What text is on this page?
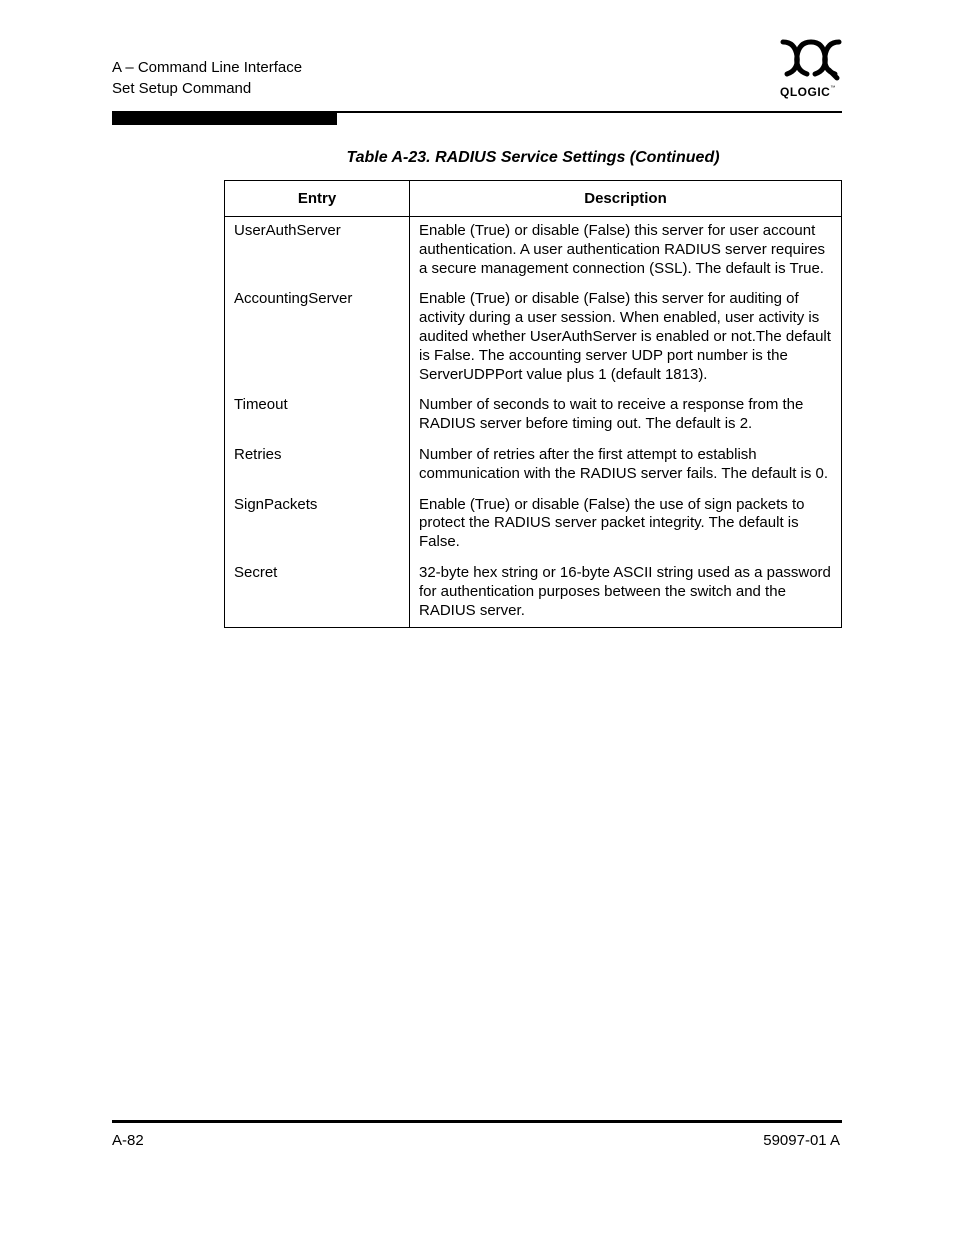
A – Command Line Interface
Set Setup Command	QLOGIC™
Table A-23. RADIUS Service Settings (Continued)
Entry	Description
UserAuthServer	Enable (True) or disable (False) this server for user account authentication. A user authentication RADIUS server requires a secure management connection (SSL). The default is True.
AccountingServer	Enable (True) or disable (False) this server for auditing of activity during a user session. When enabled, user activity is audited whether UserAuthServer is enabled or not.The default is False. The accounting server UDP port number is the ServerUDPPort value plus 1 (default 1813).
Timeout	Number of seconds to wait to receive a response from the RADIUS server before timing out. The default is 2.
Retries	Number of retries after the first attempt to establish communication with the RADIUS server fails. The default is 0.
SignPackets	Enable (True) or disable (False) the use of sign packets to protect the RADIUS server packet integrity. The default is False.
Secret	32-byte hex string or 16-byte ASCII string used as a password for authentication purposes between the switch and the RADIUS server.
A-82	59097-01 A
